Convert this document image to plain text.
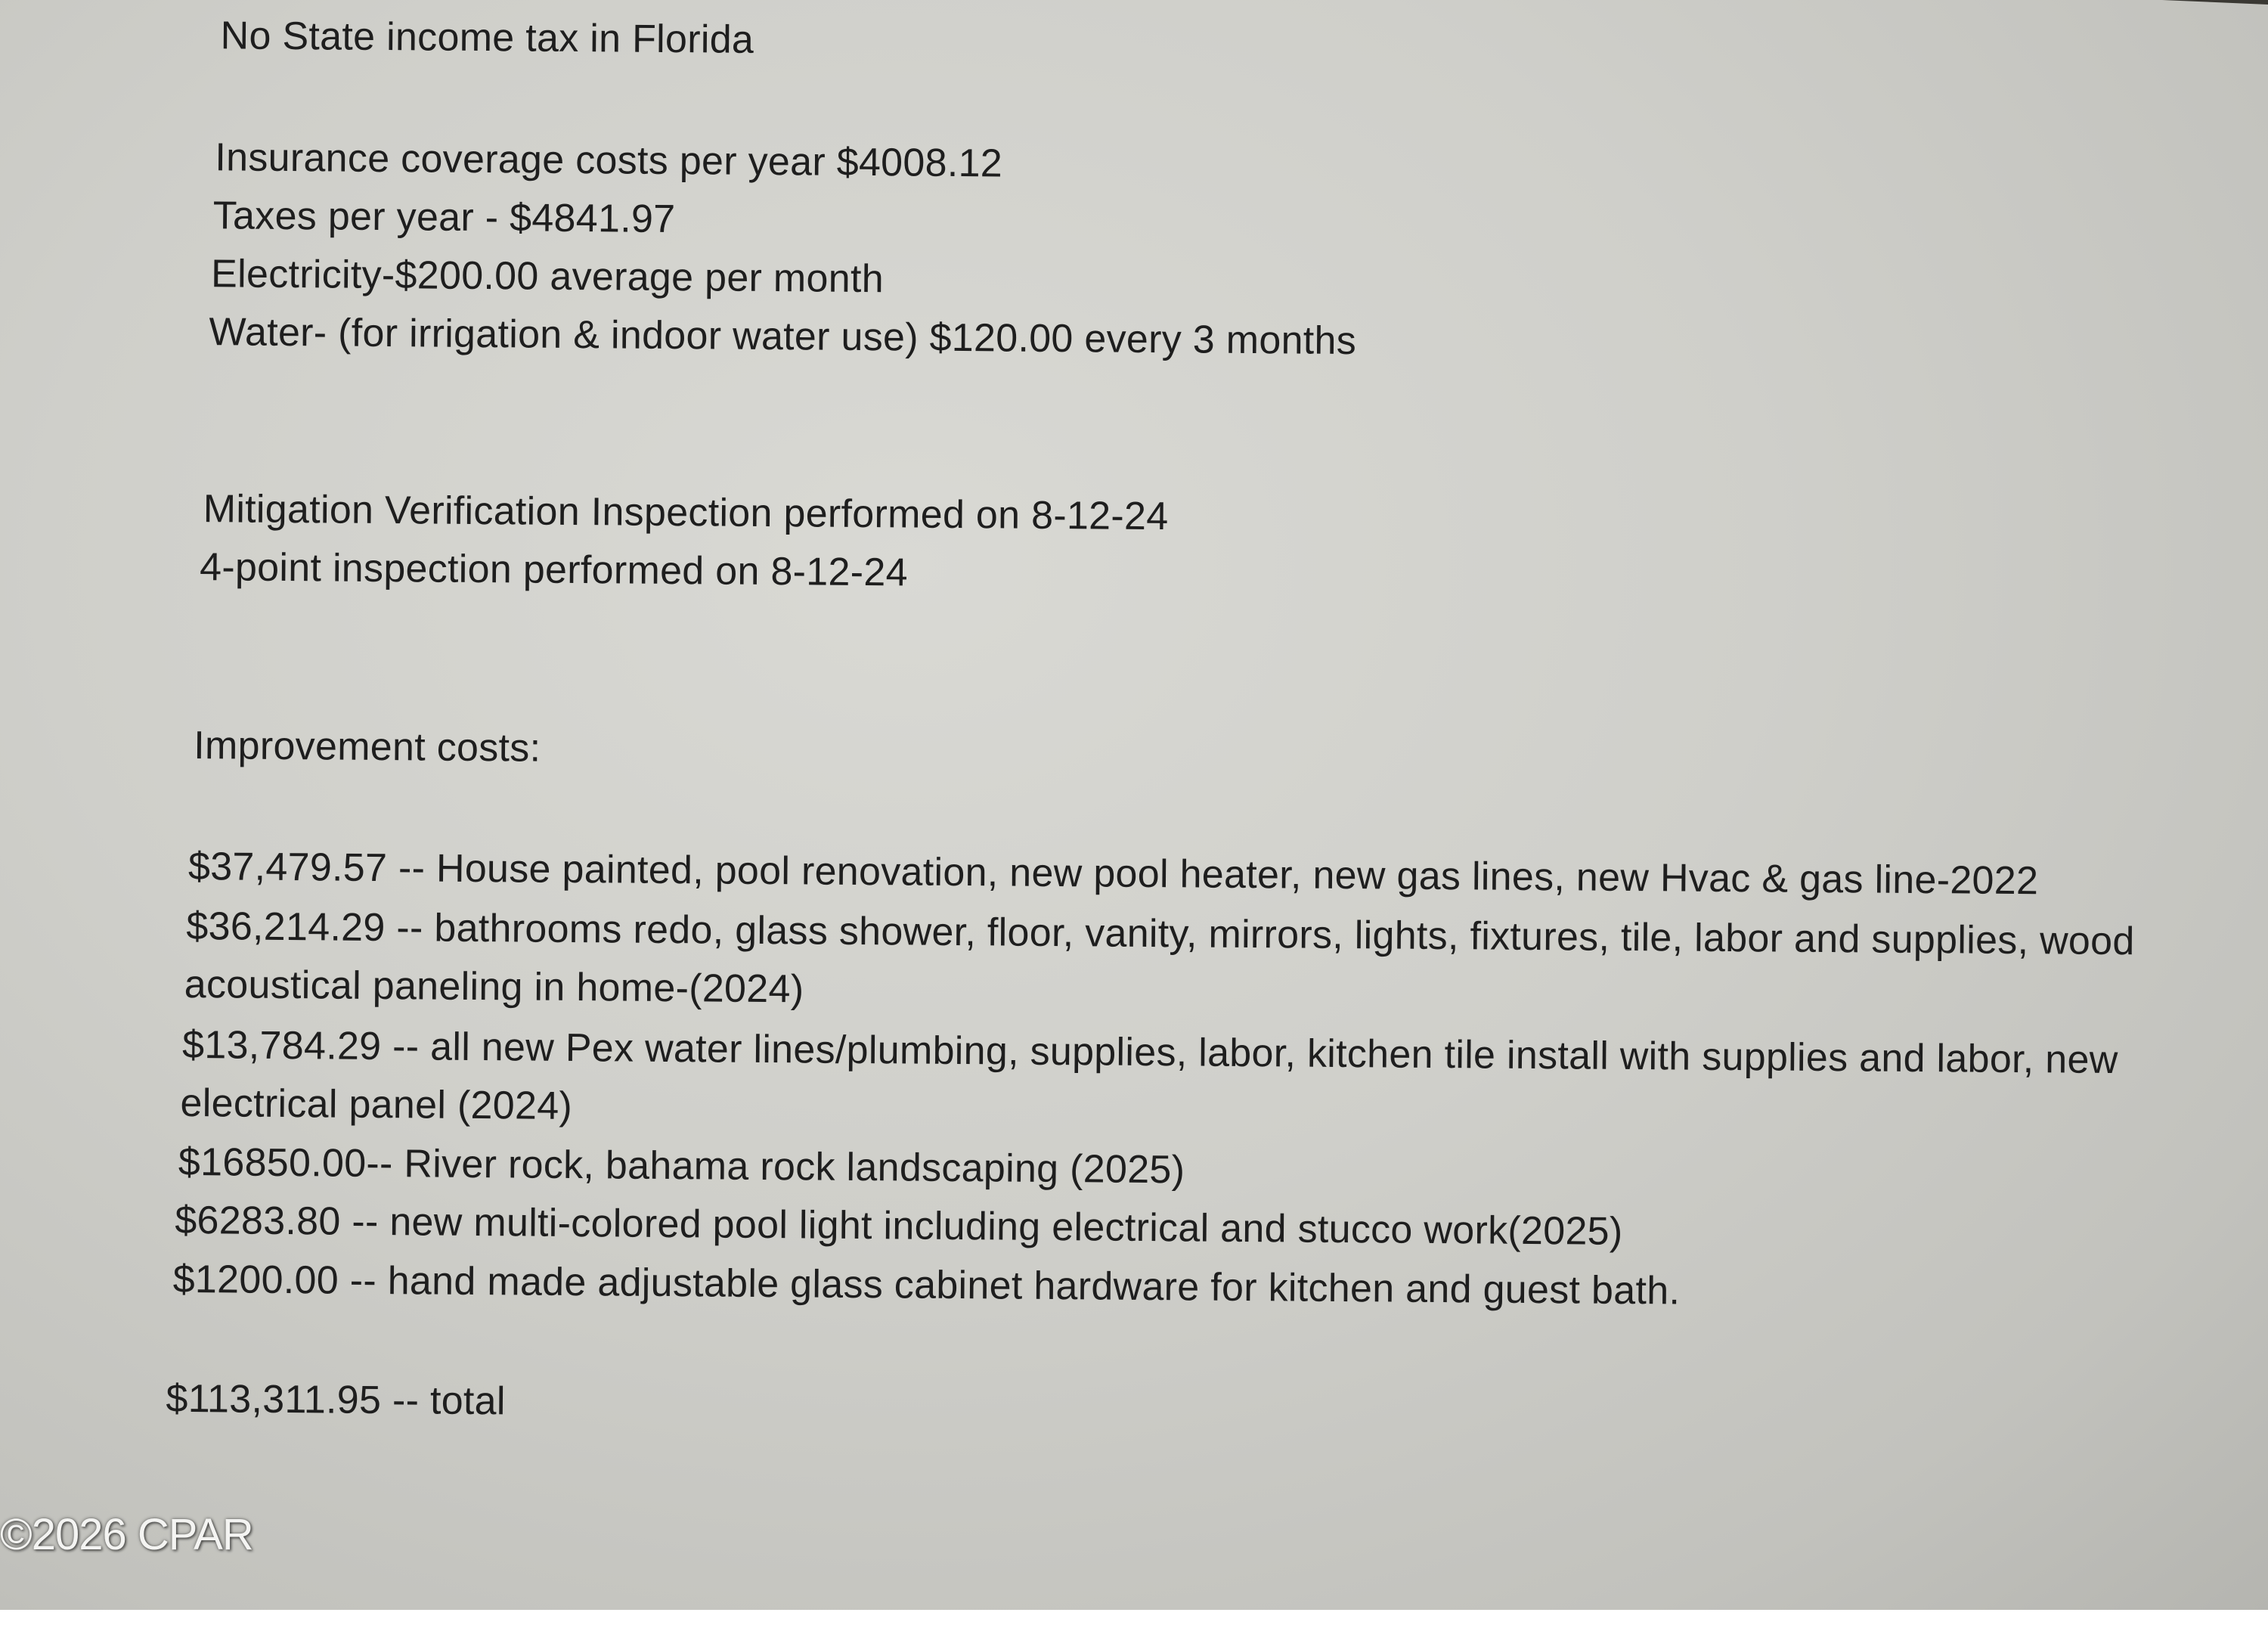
No State income tax in Florida
Insurance coverage costs per year $4008.12
Taxes per year - $4841.97
Electricity-$200.00 average per month
Water- (for irrigation & indoor water use) $120.00 every 3 months
Mitigation Verification Inspection performed on 8-12-24
4-point inspection performed on 8-12-24
Improvement costs:
$37,479.57 -- House painted, pool renovation, new pool heater, new gas lines, new Hvac & gas line-2022
$36,214.29 -- bathrooms redo, glass shower, floor, vanity, mirrors, lights, fixtures, tile, labor and supplies, wood
acoustical paneling in home-(2024)
$13,784.29 -- all new Pex water lines/plumbing, supplies, labor, kitchen tile install with supplies and labor, new
electrical panel (2024)
$16850.00-- River rock, bahama rock landscaping (2025)
$6283.80 -- new multi-colored pool light including electrical and stucco work(2025)
$1200.00 -- hand made adjustable glass cabinet hardware for kitchen and guest bath.
$113,311.95 -- total
©2026 CPAR
